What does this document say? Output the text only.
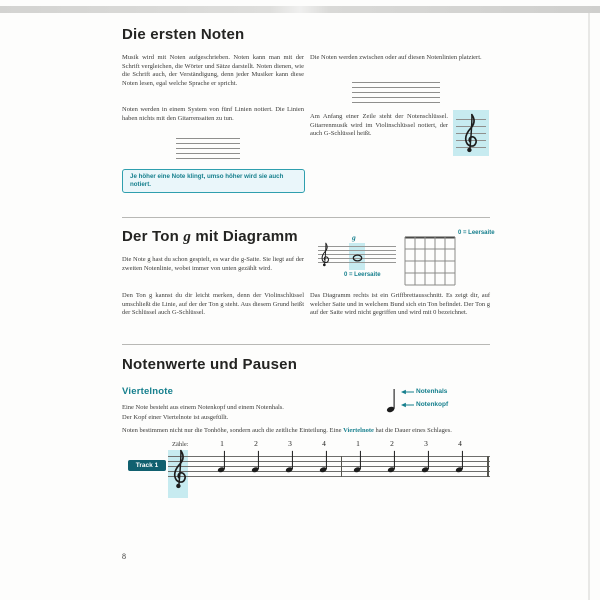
Die ersten Noten
Musik wird mit Noten aufgeschrieben. Noten kann man mit der Schrift vergleichen, die Wörter und Sätze darstellt. Noten dienen, wie die Schrift auch, der Verständigung, denn jeder Musiker kann diese Noten lesen, egal welche Sprache er spricht.
Noten werden in einem System von fünf Linien notiert. Die Linien haben nichts mit den Gitarrensaiten zu tun.
Die Noten werden zwischen oder auf diesen Notenlinien platziert.
Am Anfang einer Zeile steht der Notenschlüssel. Gitarrenmusik wird im Violinschlüssel notiert, der auch G-Schlüssel heißt.
Je höher eine Note klingt, umso höher wird sie auch notiert.
Der Ton g mit Diagramm
Die Note g hast du schon gespielt, es war die g-Saite. Sie liegt auf der zweiten Notenlinie, wobei immer von unten gezählt wird.
Den Ton g kannst du dir leicht merken, denn der Violinschlüssel umschließt die Linie, auf der der Ton g steht. Aus diesem Grund heißt der Schlüssel auch G-Schlüssel.
Das Diagramm rechts ist ein Griffbrettausschnitt. Es zeigt dir, auf welcher Saite und in welchem Bund sich ein Ton befindet. Der Ton g auf der Saite wird nicht gegriffen und wird mit 0 bezeichnet.
g
0 = Leersaite
0 = Leersaite
Notenwerte und Pausen
Viertelnote	Notenhals
Notenkopf
Eine Note besteht aus einem Notenkopf und einem Notenhals.
Der Kopf einer Viertelnote ist ausgefüllt.
Noten bestimmen nicht nur die Tonhöhe, sondern auch die zeitliche Einteilung. Eine Viertelnote hat die Dauer eines Schlages.
Zähle:
Track 1
1	2	3	4	1	2	3	4
8
